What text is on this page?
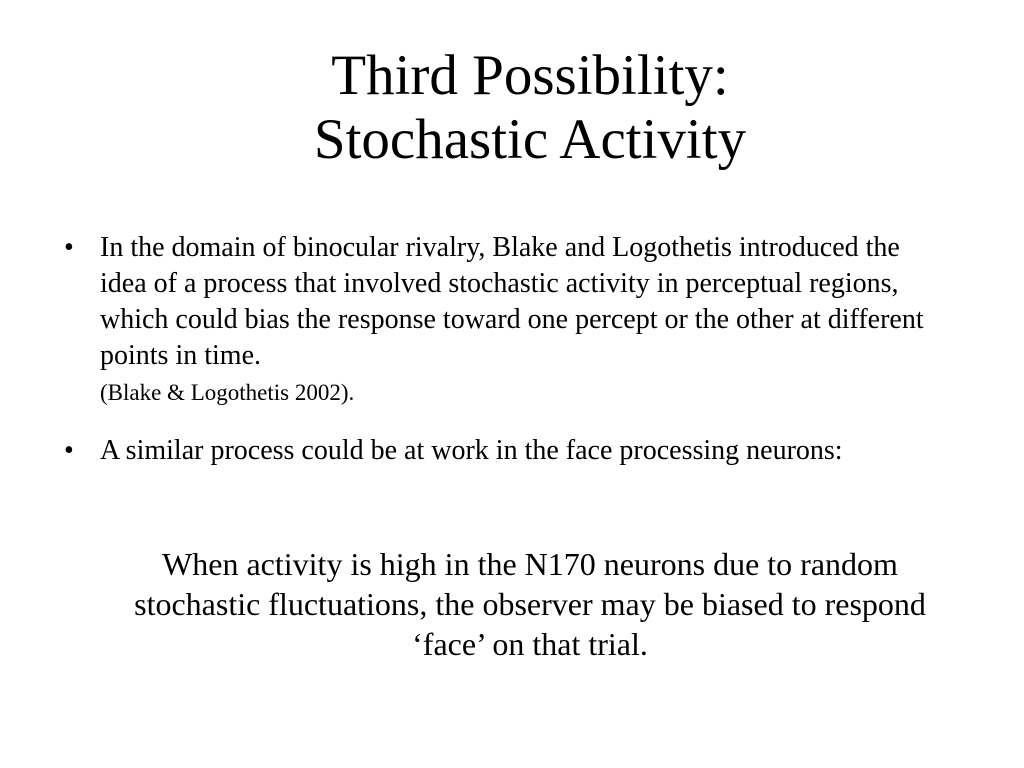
Third Possibility:
Stochastic Activity
• In the domain of binocular rivalry, Blake and Logothetis introduced the idea of a process that involved stochastic activity in perceptual regions, which could bias the response toward one percept or the other at different points in time.
(Blake & Logothetis 2002).
• A similar process could be at work in the face processing neurons:

When activity is high in the N170 neurons due to random stochastic fluctuations, the observer may be biased to respond ‘face’ on that trial.
